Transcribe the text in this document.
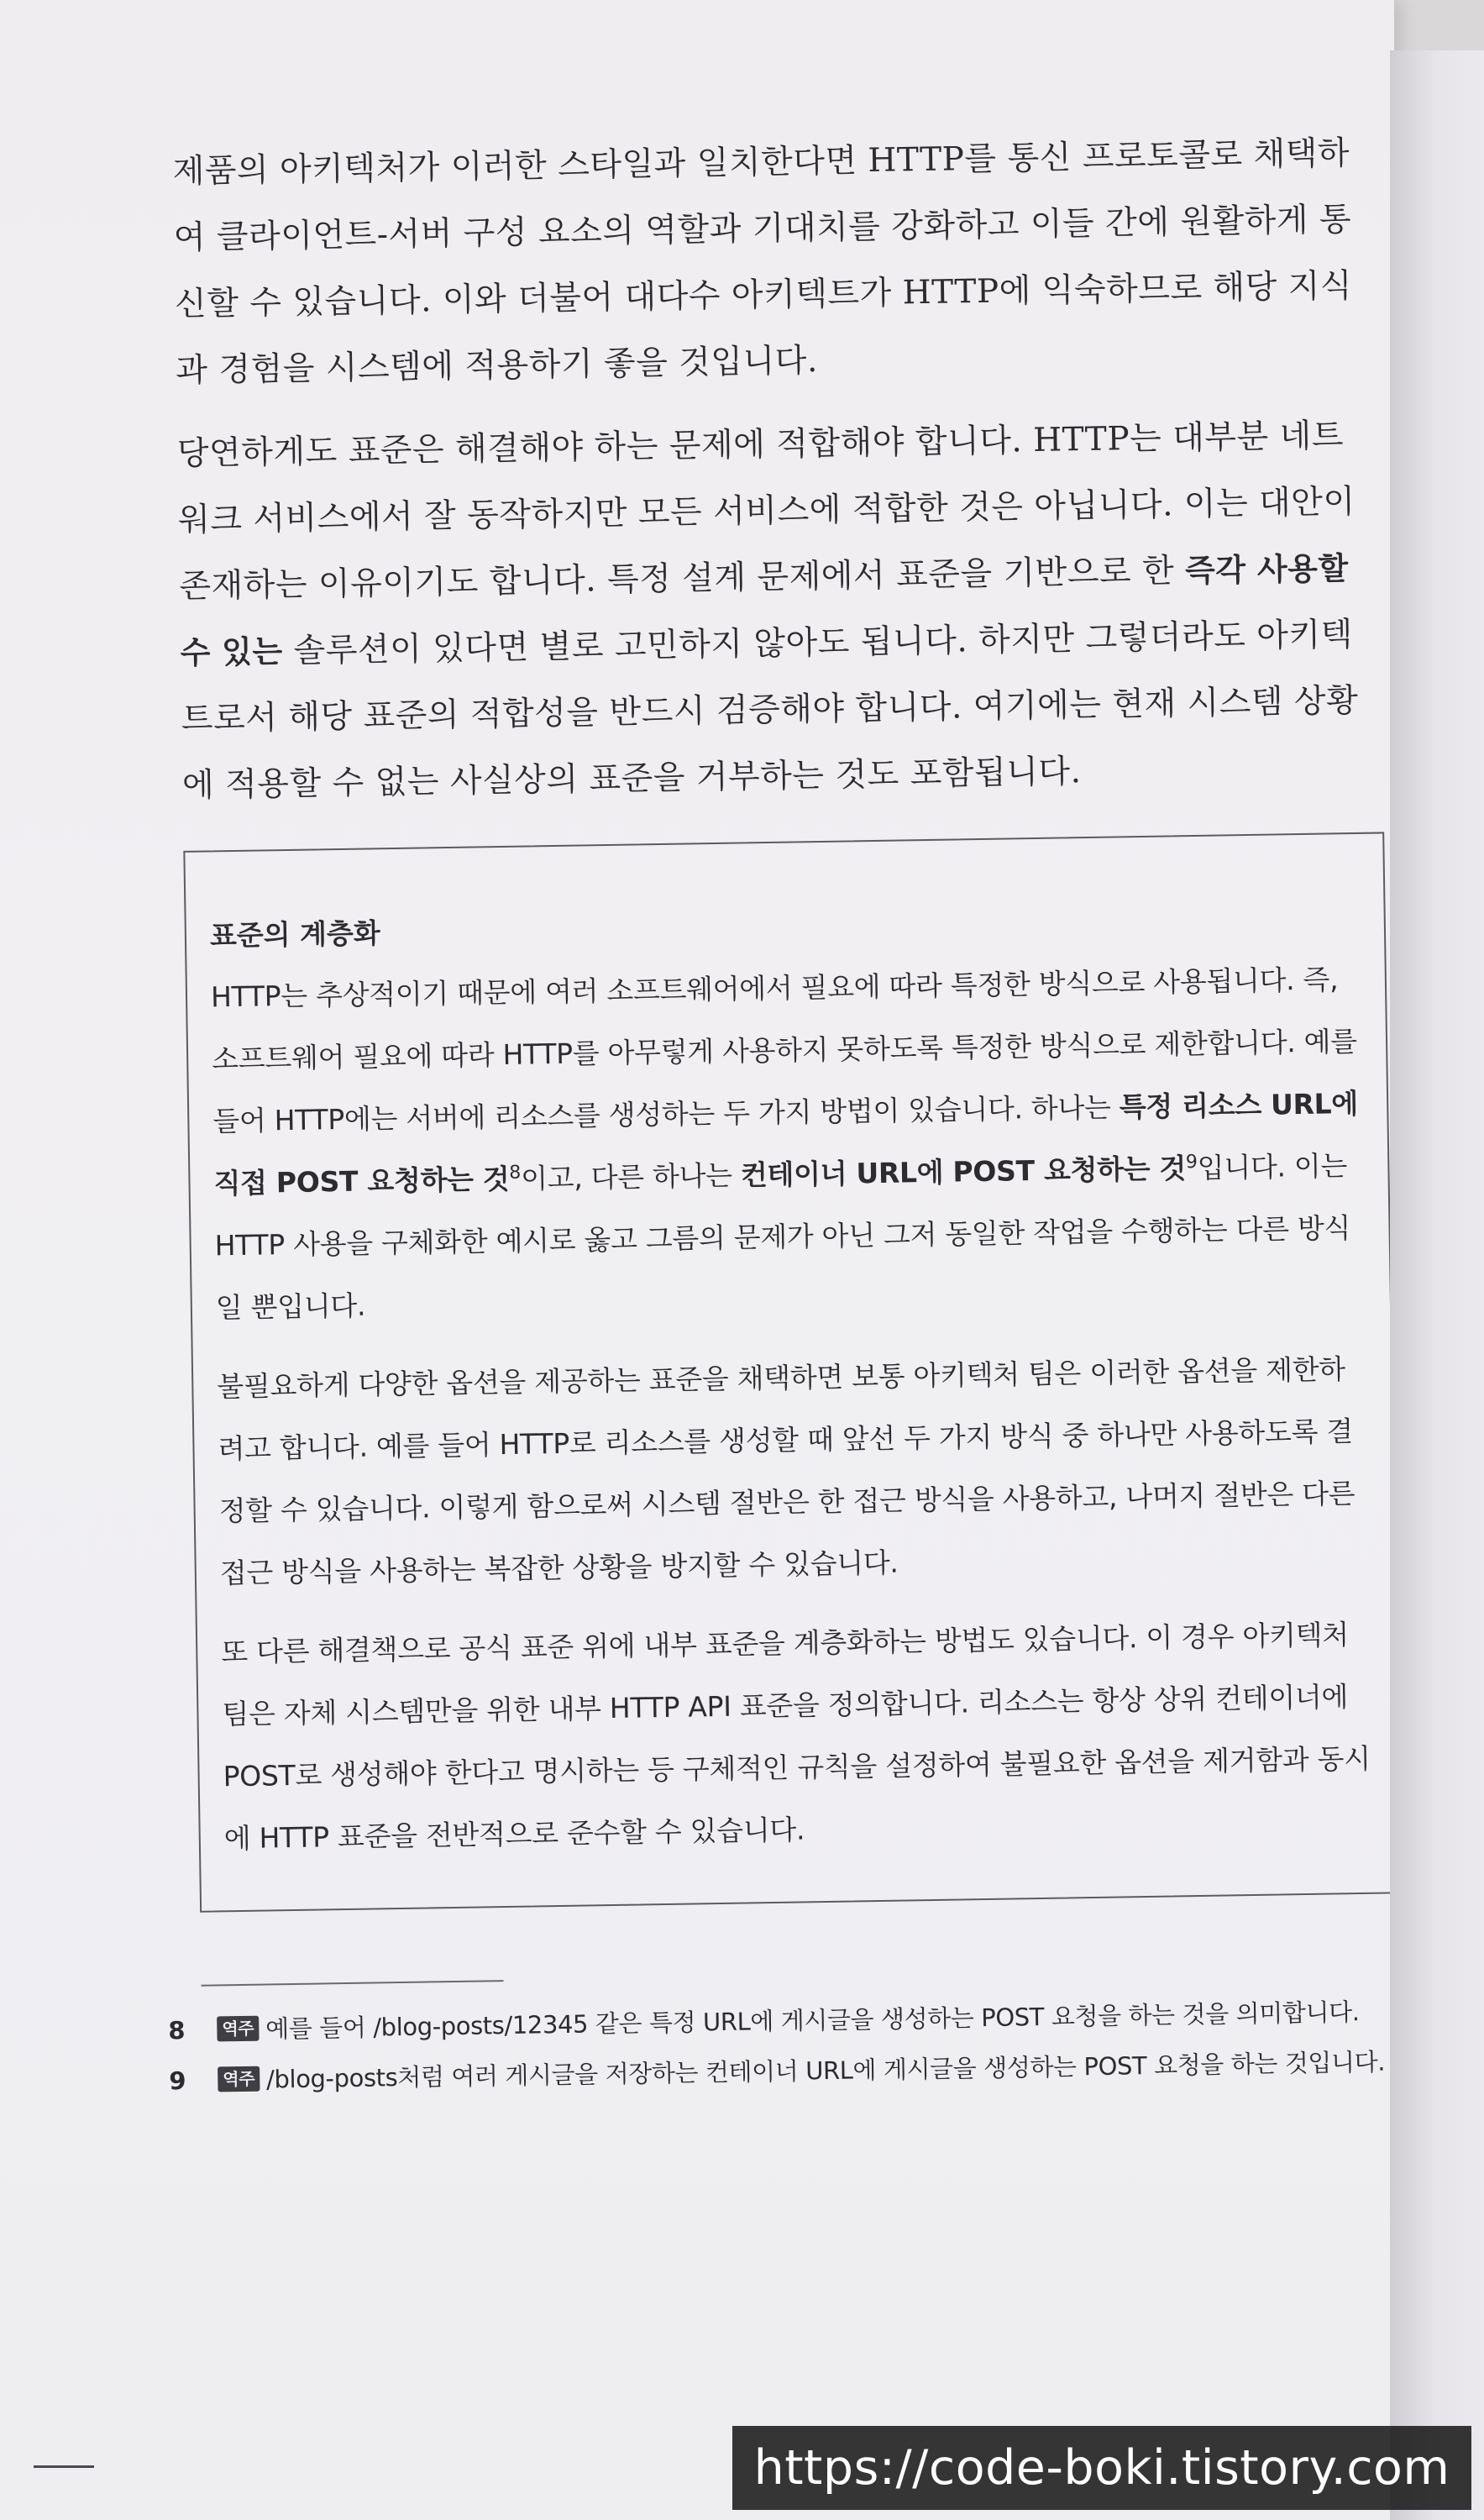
제품의 아키텍처가 이러한 스타일과 일치한다면 HTTP를 통신 프로토콜로 채택하여 클라이언트-서버 구성 요소의 역할과 기대치를 강화하고 이들 간에 원활하게 통신할 수 있습니다. 이와 더불어 대다수 아키텍트가 HTTP에 익숙하므로 해당 지식과 경험을 시스템에 적용하기 좋을 것입니다.

당연하게도 표준은 해결해야 하는 문제에 적합해야 합니다. HTTP는 대부분 네트워크 서비스에서 잘 동작하지만 모든 서비스에 적합한 것은 아닙니다. 이는 대안이 존재하는 이유이기도 합니다. 특정 설계 문제에서 표준을 기반으로 한 즉각 사용할 수 있는 솔루션이 있다면 별로 고민하지 않아도 됩니다. 하지만 그렇더라도 아키텍트로서 해당 표준의 적합성을 반드시 검증해야 합니다. 여기에는 현재 시스템 상황에 적용할 수 없는 사실상의 표준을 거부하는 것도 포함됩니다.

표준의 계층화

HTTP는 추상적이기 때문에 여러 소프트웨어에서 필요에 따라 특정한 방식으로 사용됩니다. 즉, 소프트웨어 필요에 따라 HTTP를 아무렇게 사용하지 못하도록 특정한 방식으로 제한합니다. 예를 들어 HTTP에는 서버에 리소스를 생성하는 두 가지 방법이 있습니다. 하나는 특정 리소스 URL에 직접 POST 요청하는 것$^8$이고, 다른 하나는 컨테이너 URL에 POST 요청하는 것$^9$입니다. 이는 HTTP 사용을 구체화한 예시로 옳고 그름의 문제가 아닌 그저 동일한 작업을 수행하는 다른 방식일 뿐입니다.

불필요하게 다양한 옵션을 제공하는 표준을 채택하면 보통 아키텍처 팀은 이러한 옵션을 제한하려고 합니다. 예를 들어 HTTP로 리소스를 생성할 때 앞선 두 가지 방식 중 하나만 사용하도록 결정할 수 있습니다. 이렇게 함으로써 시스템 절반은 한 접근 방식을 사용하고, 나머지 절반은 다른 접근 방식을 사용하는 복잡한 상황을 방지할 수 있습니다.

또 다른 해결책으로 공식 표준 위에 내부 표준을 계층화하는 방법도 있습니다. 이 경우 아키텍처 팀은 자체 시스템만을 위한 내부 HTTP API 표준을 정의합니다. 리소스는 항상 상위 컨테이너에 POST로 생성해야 한다고 명시하는 등 구체적인 규칙을 설정하여 불필요한 옵션을 제거함과 동시에 HTTP 표준을 전반적으로 준수할 수 있습니다.

8	역주 예를 들어 /blog-posts/12345 같은 특정 URL에 게시글을 생성하는 POST 요청을 하는 것을 의미합니다.
9	역주 /blog-posts처럼 여러 게시글을 저장하는 컨테이너 URL에 게시글을 생성하는 POST 요청을 하는 것입니다.
https://code-boki.tistory.com
